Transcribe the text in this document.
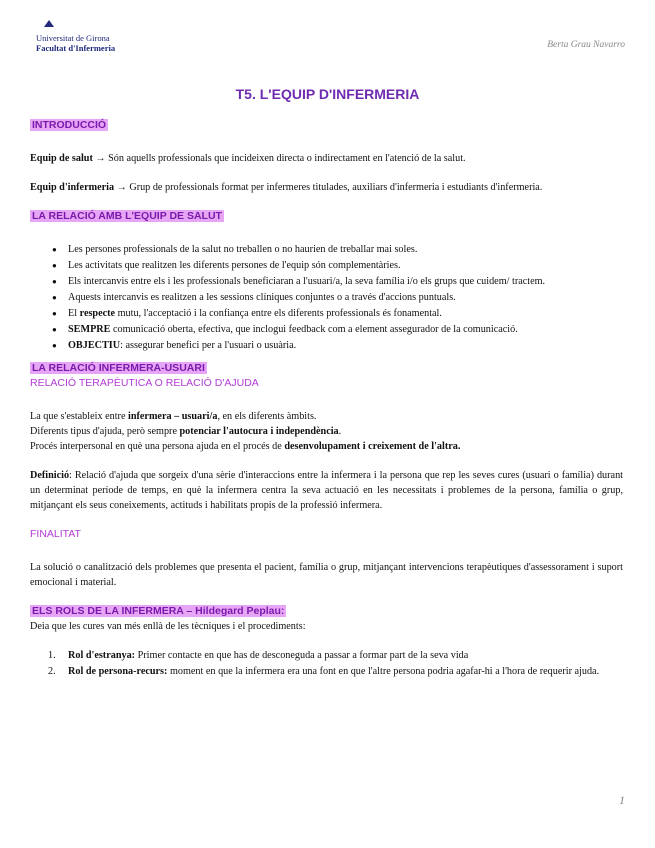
Universitat de Girona
Facultat d'Infermeria	Berta Grau Navarro
T5. L'EQUIP D'INFERMERIA
INTRODUCCIÓ

Equip de salut → Són aquells professionals que incideixen directa o indirectament en l'atenció de la salut.

Equip d'infermeria → Grup de professionals format per infermeres titulades, auxiliars d'infermeria i estudiants d'infermeria.

LA RELACIÓ AMB L'EQUIP DE SALUT
● Les persones professionals de la salut no treballen o no haurien de treballar mai soles.
● Les activitats que realitzen les diferents persones de l'equip són complementàries.
● Els intercanvis entre els i les professionals beneficiaran a l'usuari/a, la seva família i/o els grups que cuidem/ tractem.
● Aquests intercanvis es realitzen a les sessions clíniques conjuntes o a través d'accions puntuals.
● El respecte mutu, l'acceptació i la confiança entre els diferents professionals és fonamental.
● SEMPRE comunicació oberta, efectiva, que inclogui feedback com a element assegurador de la comunicació.
● OBJECTIU: assegurar benefici per a l'usuari o usuària.
LA RELACIÓ INFERMERA-USUARI
RELACIÓ TERAPÈUTICA O RELACIÓ D'AJUDA

La que s'estableix entre infermera – usuari/a, en els diferents àmbits.

Diferents tipus d'ajuda, però sempre potenciar l'autocura i independència.

Procés interpersonal en què una persona ajuda en el procés de desenvolupament i creixement de l'altra.

Definició: Relació d'ajuda que sorgeix d'una sèrie d'interaccions entre la infermera i la persona que rep les seves cures (usuari o família) durant un determinat període de temps, en què la infermera centra la seva actuació en les necessitats i problemes de la persona, família o grup, mitjançant els seus coneixements, actituds i habilitats propis de la professió infermera.

FINALITAT

La solució o canalització dels problemes que presenta el pacient, família o grup, mitjançant intervencions terapèutiques d'assessorament i suport emocional i material.

ELS ROLS DE LA INFERMERA – Hildegard Peplau:

Deia que les cures van més enllà de les tècniques i el procediments:

1. Rol d'estranya: Primer contacte en que has de desconeguda a passar a formar part de la seva vida
2. Rol de persona-recurs: moment en que la infermera era una font en que l'altre persona podria agafar-hi a l'hora de requerir ajuda.
1
